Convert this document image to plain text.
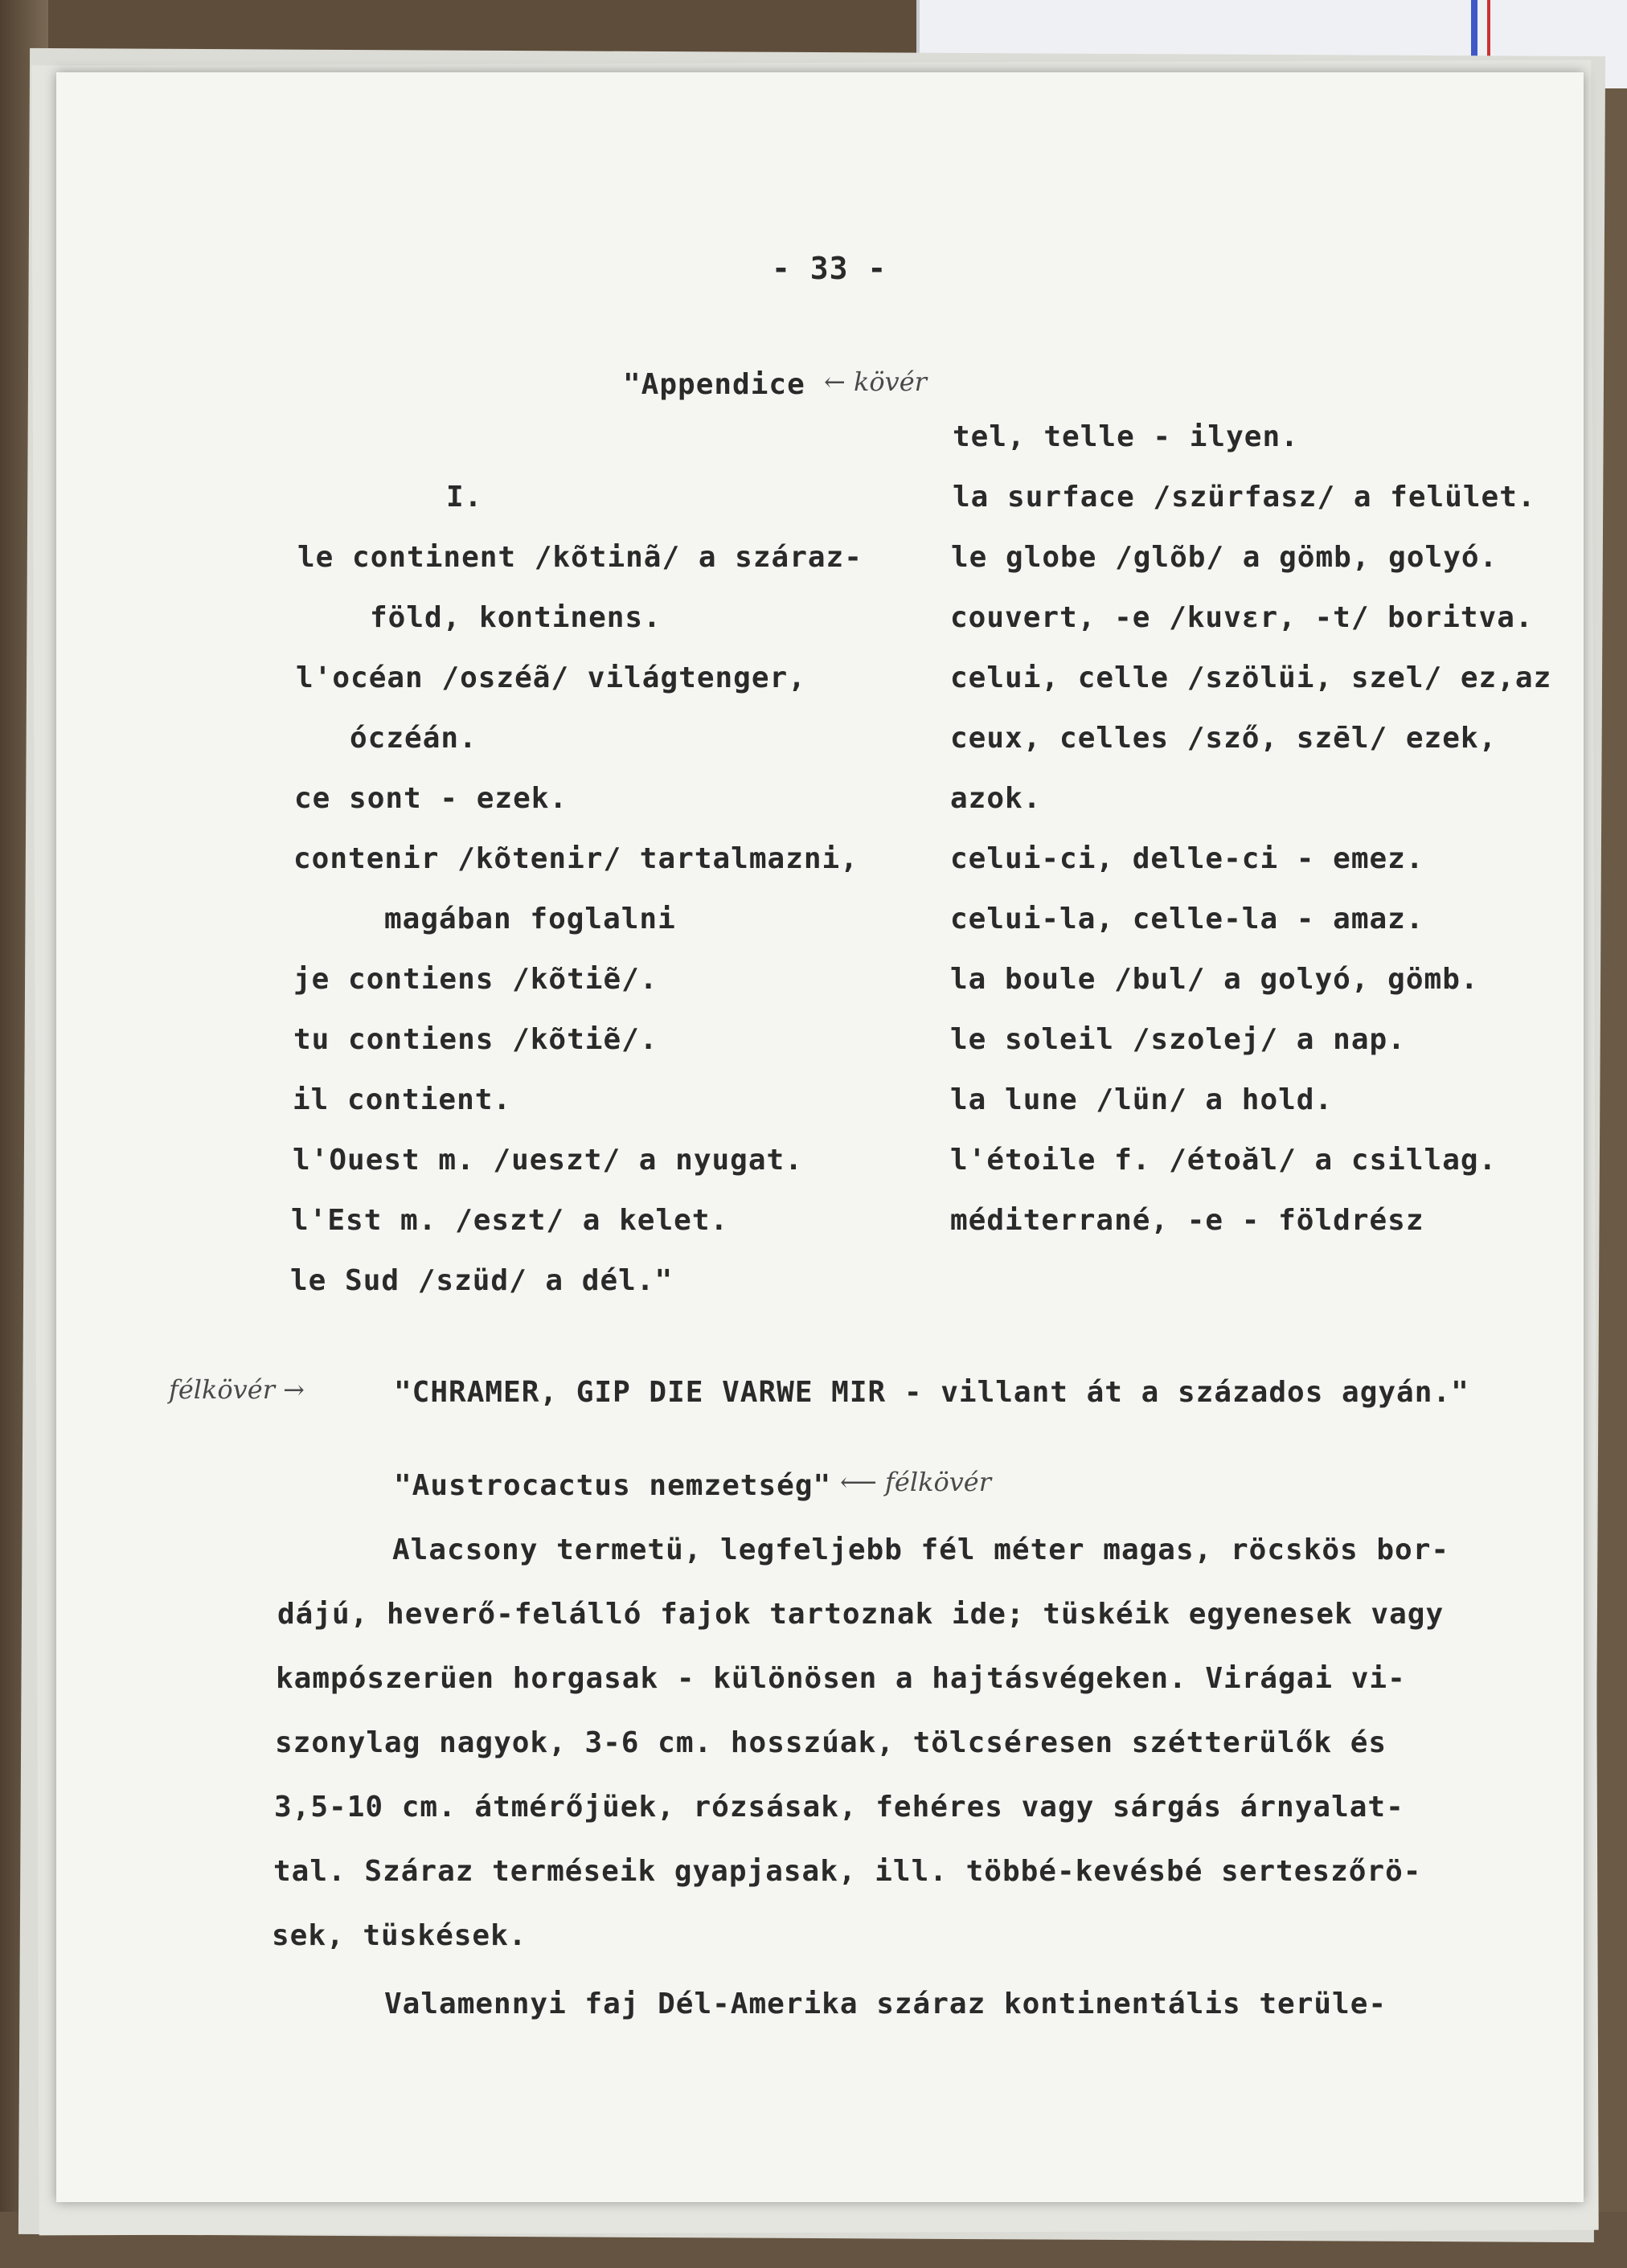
- 33 -
"Appendice ← kövér
I.
le continent /kõtinã/ a száraz-
föld, kontinens.
l'océan /oszéã/ világtenger,
óczéán.
ce sont - ezek.
contenir /kõtenir/ tartalmazni,
magában foglalni
je contiens /kõtiẽ/.
tu contiens /kõtiẽ/.
il contient.
l'Ouest m. /ueszt/ a nyugat.
l'Est m. /eszt/ a kelet.
le Sud /szüd/ a dél."
tel, telle - ilyen.
la surface /szürfasz/ a felület.
le globe /glõb/ a gömb, golyó.
couvert, -e /kuvɛr, -t/ boritva.
celui, celle /szölüi, szel/ ez,az
ceux, celles /sző, szēl/ ezek,
azok.
celui-ci, delle-ci - emez.
celui-la, celle-la - amaz.
la boule /bul/ a golyó, gömb.
le soleil /szolej/ a nap.
la lune /lün/ a hold.
l'étoile f. /étoăl/ a csillag.
méditerrané, -e - földrész
félkövér →	"CHRAMER, GIP DIE VARWE MIR - villant át a százados agyán."
"Austrocactus nemzetség" ⟵ félkövér
Alacsony termetü, legfeljebb fél méter magas, röcskös bor-
dájú, heverő-felálló fajok tartoznak ide; tüskéik egyenesek vagy
kampószerüen horgasak - különösen a hajtásvégeken. Virágai vi-
szonylag nagyok, 3-6 cm. hosszúak, tölcséresen szétterülők és
3,5-10 cm. átmérőjüek, rózsásak, fehéres vagy sárgás árnyalat-
tal. Száraz terméseik gyapjasak, ill. többé-kevésbé serteszőrö-
sek, tüskések.
Valamennyi faj Dél-Amerika száraz kontinentális terüle-
